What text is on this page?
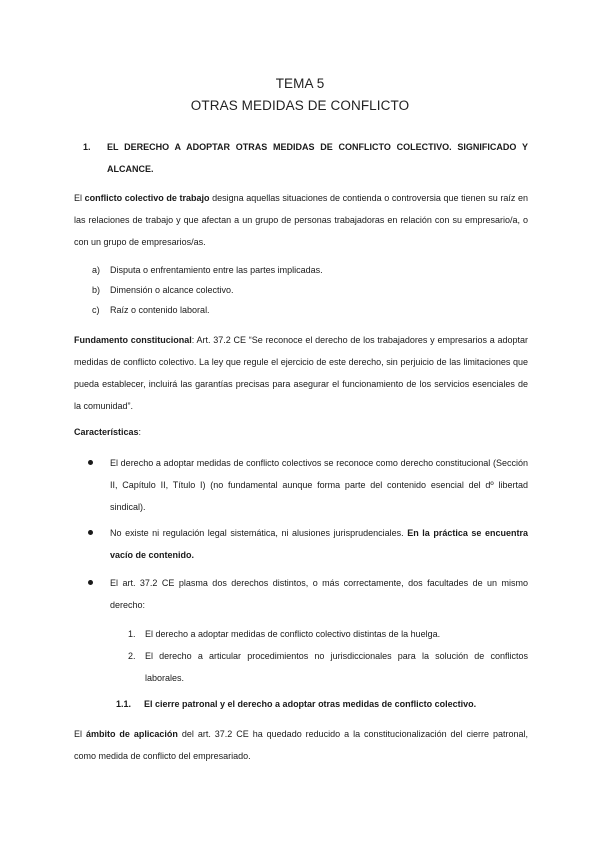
TEMA 5
OTRAS MEDIDAS DE CONFLICTO
1. EL DERECHO A ADOPTAR OTRAS MEDIDAS DE CONFLICTO COLECTIVO. SIGNIFICADO Y ALCANCE.
El conflicto colectivo de trabajo designa aquellas situaciones de contienda o controversia que tienen su raíz en las relaciones de trabajo y que afectan a un grupo de personas trabajadoras en relación con su empresario/a, o con un grupo de empresarios/as.
a) Disputa o enfrentamiento entre las partes implicadas.
b) Dimensión o alcance colectivo.
c) Raíz o contenido laboral.
Fundamento constitucional: Art. 37.2 CE “Se reconoce el derecho de los trabajadores y empresarios a adoptar medidas de conflicto colectivo. La ley que regule el ejercicio de este derecho, sin perjuicio de las limitaciones que pueda establecer, incluirá las garantías precisas para asegurar el funcionamiento de los servicios esenciales de la comunidad”.
Características:
El derecho a adoptar medidas de conflicto colectivos se reconoce como derecho constitucional (Sección II, Capítulo II, Título I) (no fundamental aunque forma parte del contenido esencial del dº libertad sindical).
No existe ni regulación legal sistemática, ni alusiones jurisprudenciales. En la práctica se encuentra vacío de contenido.
El art. 37.2 CE plasma dos derechos distintos, o más correctamente, dos facultades de un mismo derecho:
1. El derecho a adoptar medidas de conflicto colectivo distintas de la huelga.
2. El derecho a articular procedimientos no jurisdiccionales para la solución de conflictos laborales.
1.1. El cierre patronal y el derecho a adoptar otras medidas de conflicto colectivo.
El ámbito de aplicación del art. 37.2 CE ha quedado reducido a la constitucionalización del cierre patronal, como medida de conflicto del empresariado.
